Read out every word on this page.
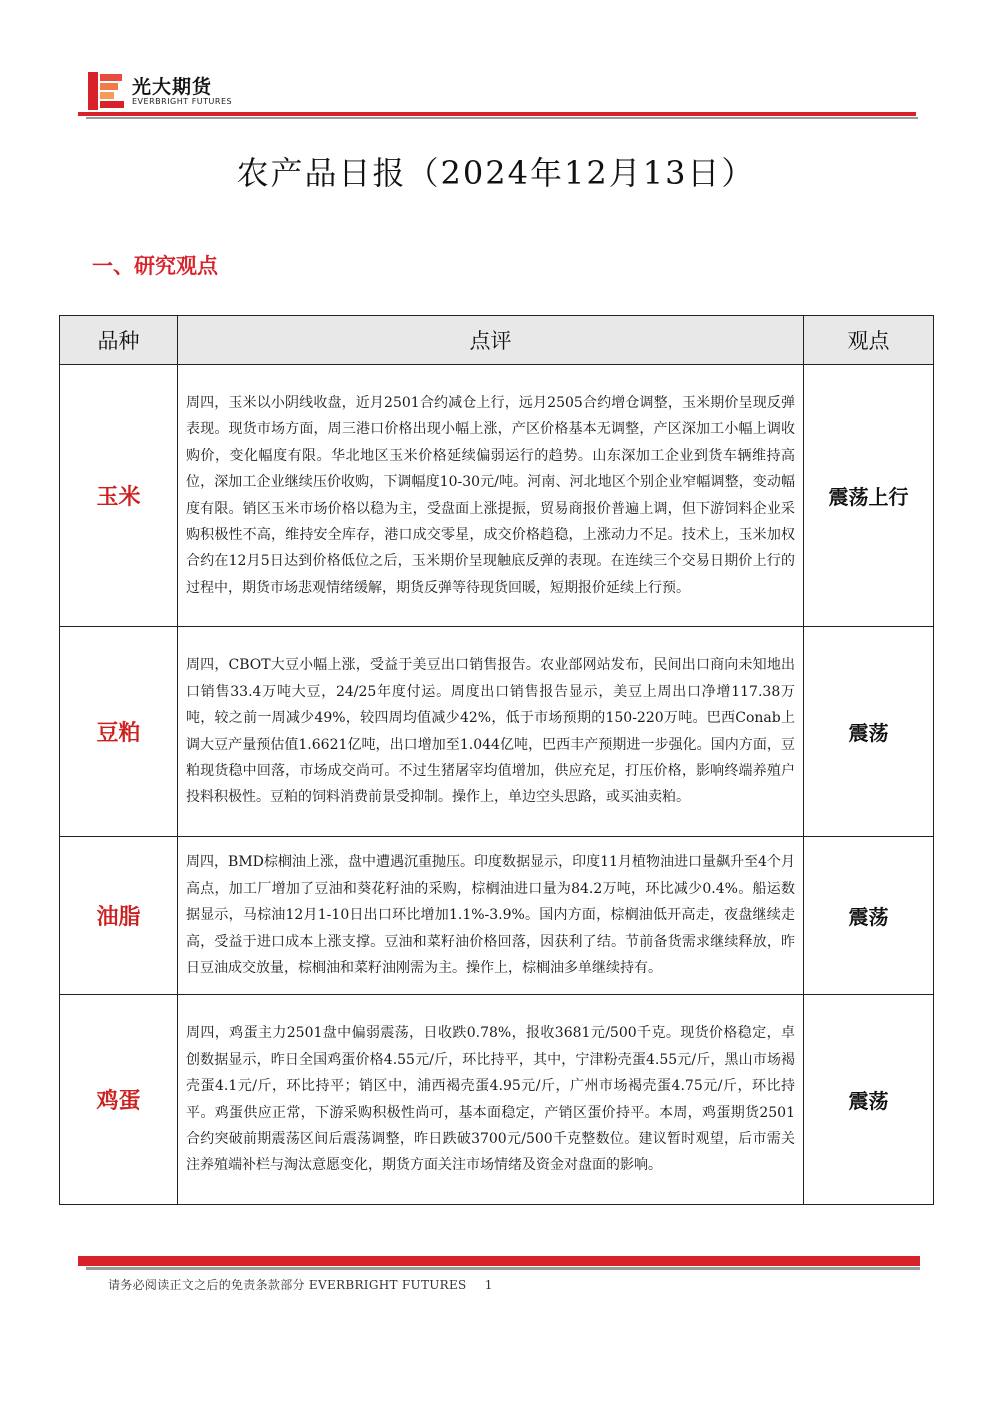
光大期货
EVERBRIGHT FUTURES
农产品日报（2024年12月13日）
一、研究观点
品种	点评	观点
玉米	周四，玉米以小阴线收盘，近月2501合约减仓上行，远月2505合约增仓调整，玉米期价呈现反弹表现。现货市场方面，周三港口价格出现小幅上涨，产区价格基本无调整，产区深加工小幅上调收购价，变化幅度有限。华北地区玉米价格延续偏弱运行的趋势。山东深加工企业到货车辆维持高位，深加工企业继续压价收购，下调幅度10-30元/吨。河南、河北地区个别企业窄幅调整，变动幅度有限。销区玉米市场价格以稳为主，受盘面上涨提振，贸易商报价普遍上调，但下游饲料企业采购积极性不高，维持安全库存，港口成交零星，成交价格趋稳，上涨动力不足。技术上，玉米加权合约在12月5日达到价格低位之后，玉米期价呈现触底反弹的表现。在连续三个交易日期价上行的过程中，期货市场悲观情绪缓解，期货反弹等待现货回暖，短期报价延续上行预。	震荡上行
豆粕	周四，CBOT大豆小幅上涨，受益于美豆出口销售报告。农业部网站发布，民间出口商向未知地出口销售33.4万吨大豆，24/25年度付运。周度出口销售报告显示，美豆上周出口净增117.38万吨，较之前一周减少49%，较四周均值减少42%，低于市场预期的150-220万吨。巴西Conab上调大豆产量预估值1.6621亿吨，出口增加至1.044亿吨，巴西丰产预期进一步强化。国内方面，豆粕现货稳中回落，市场成交尚可。不过生猪屠宰均值增加，供应充足，打压价格，影响终端养殖户投料积极性。豆粕的饲料消费前景受抑制。操作上，单边空头思路，或买油卖粕。	震荡
油脂	周四，BMD棕榈油上涨，盘中遭遇沉重抛压。印度数据显示，印度11月植物油进口量飙升至4个月高点，加工厂增加了豆油和葵花籽油的采购，棕榈油进口量为84.2万吨，环比减少0.4%。船运数据显示，马棕油12月1-10日出口环比增加1.1%-3.9%。国内方面，棕榈油低开高走，夜盘继续走高，受益于进口成本上涨支撑。豆油和菜籽油价格回落，因获利了结。节前备货需求继续释放，昨日豆油成交放量，棕榈油和菜籽油刚需为主。操作上，棕榈油多单继续持有。	震荡
鸡蛋	周四，鸡蛋主力2501盘中偏弱震荡，日收跌0.78%，报收3681元/500千克。现货价格稳定，卓创数据显示，昨日全国鸡蛋价格4.55元/斤，环比持平，其中，宁津粉壳蛋4.55元/斤，黑山市场褐壳蛋4.1元/斤，环比持平；销区中，浦西褐壳蛋4.95元/斤，广州市场褐壳蛋4.75元/斤，环比持平。鸡蛋供应正常，下游采购积极性尚可，基本面稳定，产销区蛋价持平。本周，鸡蛋期货2501合约突破前期震荡区间后震荡调整，昨日跌破3700元/500千克整数位。建议暂时观望，后市需关注养殖端补栏与淘汰意愿变化，期货方面关注市场情绪及资金对盘面的影响。	震荡
请务必阅读正文之后的免责条款部分 EVERBRIGHT FUTURES 1
